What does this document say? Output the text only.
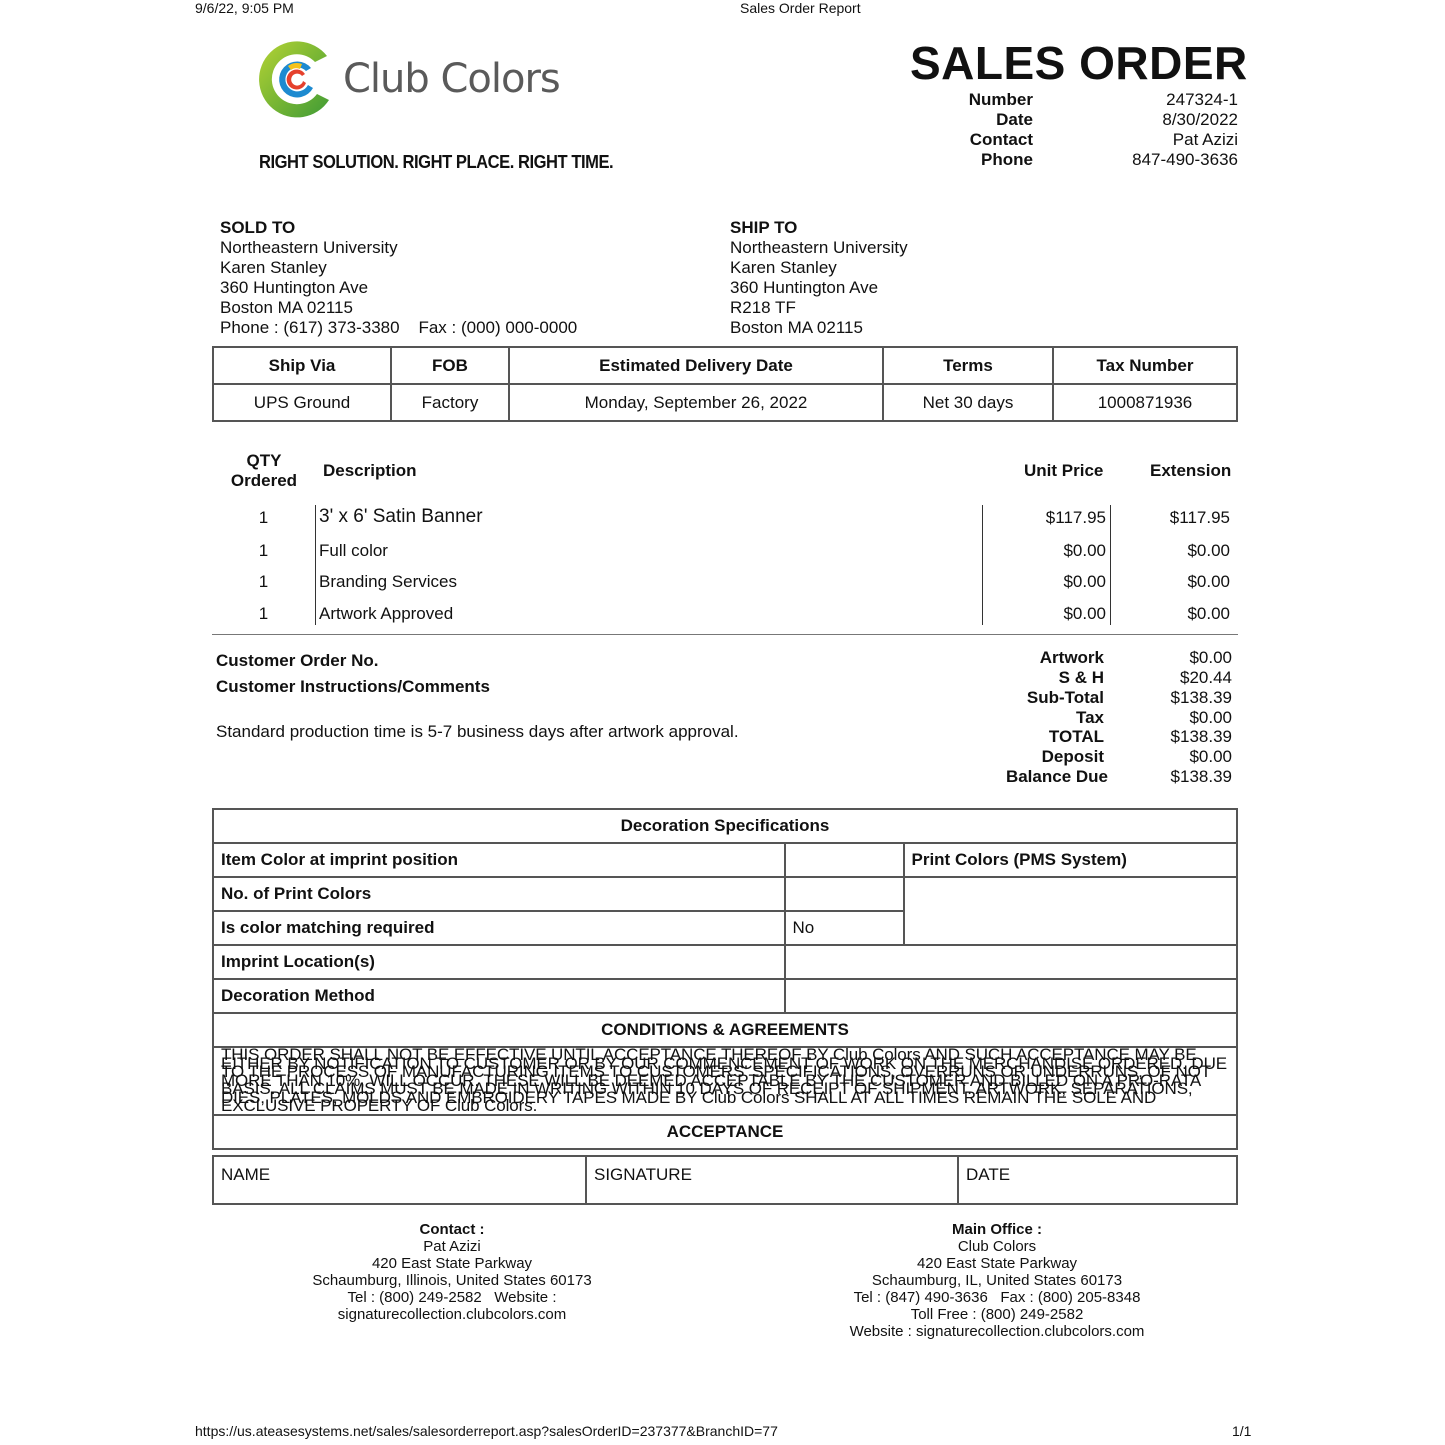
9/6/22, 9:05 PM	Sales Order Report
Club Colors
RIGHT SOLUTION. RIGHT PLACE. RIGHT TIME.
SALES ORDER
Number	247324-1
Date	8/30/2022
Contact	Pat Azizi
Phone	847-490-3636
SOLD TO
Northeastern University
Karen Stanley
360 Huntington Ave
Boston MA 02115
Phone : (617) 373-3380    Fax : (000) 000-0000
SHIP TO
Northeastern University
Karen Stanley
360 Huntington Ave
R218 TF
Boston MA 02115
Ship Via	FOB	Estimated Delivery Date	Terms	Tax Number
UPS Ground	Factory	Monday, September 26, 2022	Net 30 days	1000871936
QTY
Ordered
Description	Unit Price	Extension
1	3' x 6' Satin Banner	$117.95	$117.95
1	Full color	$0.00	$0.00
1	Branding Services	$0.00	$0.00
1	Artwork Approved	$0.00	$0.00
Customer Order No.
Customer Instructions/Comments
Standard production time is 5-7 business days after artwork approval.
Artwork	$0.00
S & H	$20.44
Sub-Total	$138.39
Tax	$0.00
TOTAL	$138.39
Deposit	$0.00
Balance Due	$138.39
Decoration Specifications		
Item Color at imprint position		Print Colors (PMS System)
No. of Print Colors		
Is color matching required	No	
Imprint Location(s)		
Decoration Method		
CONDITIONS & AGREEMENTS		
THIS ORDER SHALL NOT BE EFFECTIVE UNTIL ACCEPTANCE THEREOF BY Club Colors AND SUCH ACCEPTANCE MAY BE EITHER BY NOTIFICATION TO CUSTOMER OR BY OUR COMMENCEMENT OF WORK ON THE MERCHANDISE ORDERED. DUE TO THE PROCESS OF MANUFACTURING ITEMS TO CUSTOMERS' SPECIFICATIONS, OVERRUNS OR UNDERRUNS, OF NOT MORE THAN 10%, WILL OCCUR. THESE WILL BE DEEMED ACCEPTABLE BY THE CUSTOMER AND BILLED ON A PRO-RATA BASIS. ALL CLAIMS MUST BE MADE IN WRITING WITHIN 10 DAYS OF RECEIPT OF SHIPMENT. ARTWORK, SEPARATIONS, DIES, PLATES, MOLDS AND EMBROIDERY TAPES MADE BY Club Colors SHALL AT ALL TIMES REMAIN THE SOLE AND EXCLUSIVE PROPERTY OF Club Colors.		
ACCEPTANCE		
NAME	SIGNATURE	DATE
Contact :
Pat Azizi
420 East State Parkway
Schaumburg, Illinois, United States 60173
Tel : (800) 249-2582   Website :
signaturecollection.clubcolors.com
Main Office :
Club Colors
420 East State Parkway
Schaumburg, IL, United States 60173
Tel : (847) 490-3636   Fax : (800) 205-8348
Toll Free : (800) 249-2582
Website : signaturecollection.clubcolors.com
https://us.ateasesystems.net/sales/salesorderreport.asp?salesOrderID=237377&BranchID=77	1/1
